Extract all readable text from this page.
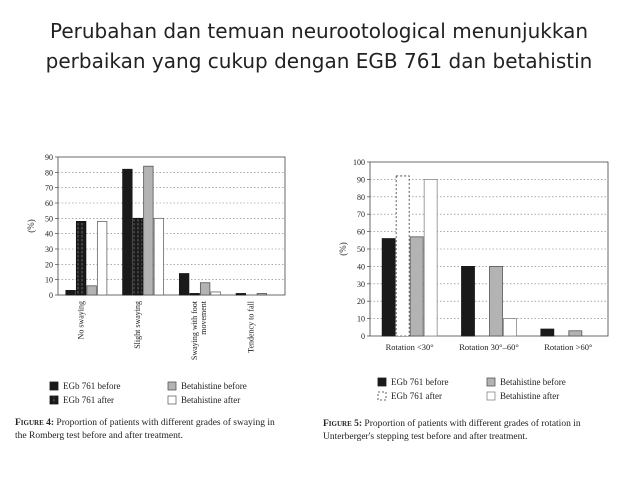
Perubahan dan temuan neurootological menunjukkan
perbaikan yang cukup dengan EGB 761 dan betahistin
0
10
20
30
40
50
60
70
80
90
(%)
No swaying	Slight swaying	Swaying with foot movement	Tendency to fall
EGb 761 before
EGb 761 after
Betahistine before
Betahistine after
Figure 4: Proportion of patients with different grades of swaying in
the Romberg test before and after treatment.
0
10
20
30
40
50
60
70
80
90
100
(%)
Rotation <30°	Rotation 30°–60°	Rotation >60°
EGb 761 before
EGb 761 after
Betahistine before
Betahistine after
Figure 5: Proportion of patients with different grades of rotation in
Unterberger's stepping test before and after treatment.
